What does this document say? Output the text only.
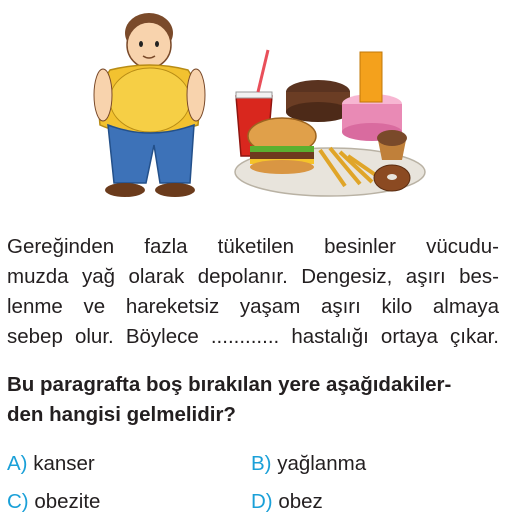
Gereğinden fazla tüketilen besinler vücudu-
muzda yağ olarak depolanır. Dengesiz, aşırı bes-
lenme ve hareketsiz yaşam aşırı kilo almaya
sebep olur. Böylece ............ hastalığı ortaya çıkar.
Bu paragrafta boş bırakılan yere aşağıdakiler-
den hangisi gelmelidir?
A) kanser	B) yağlanma
C) obezite	D) obez
